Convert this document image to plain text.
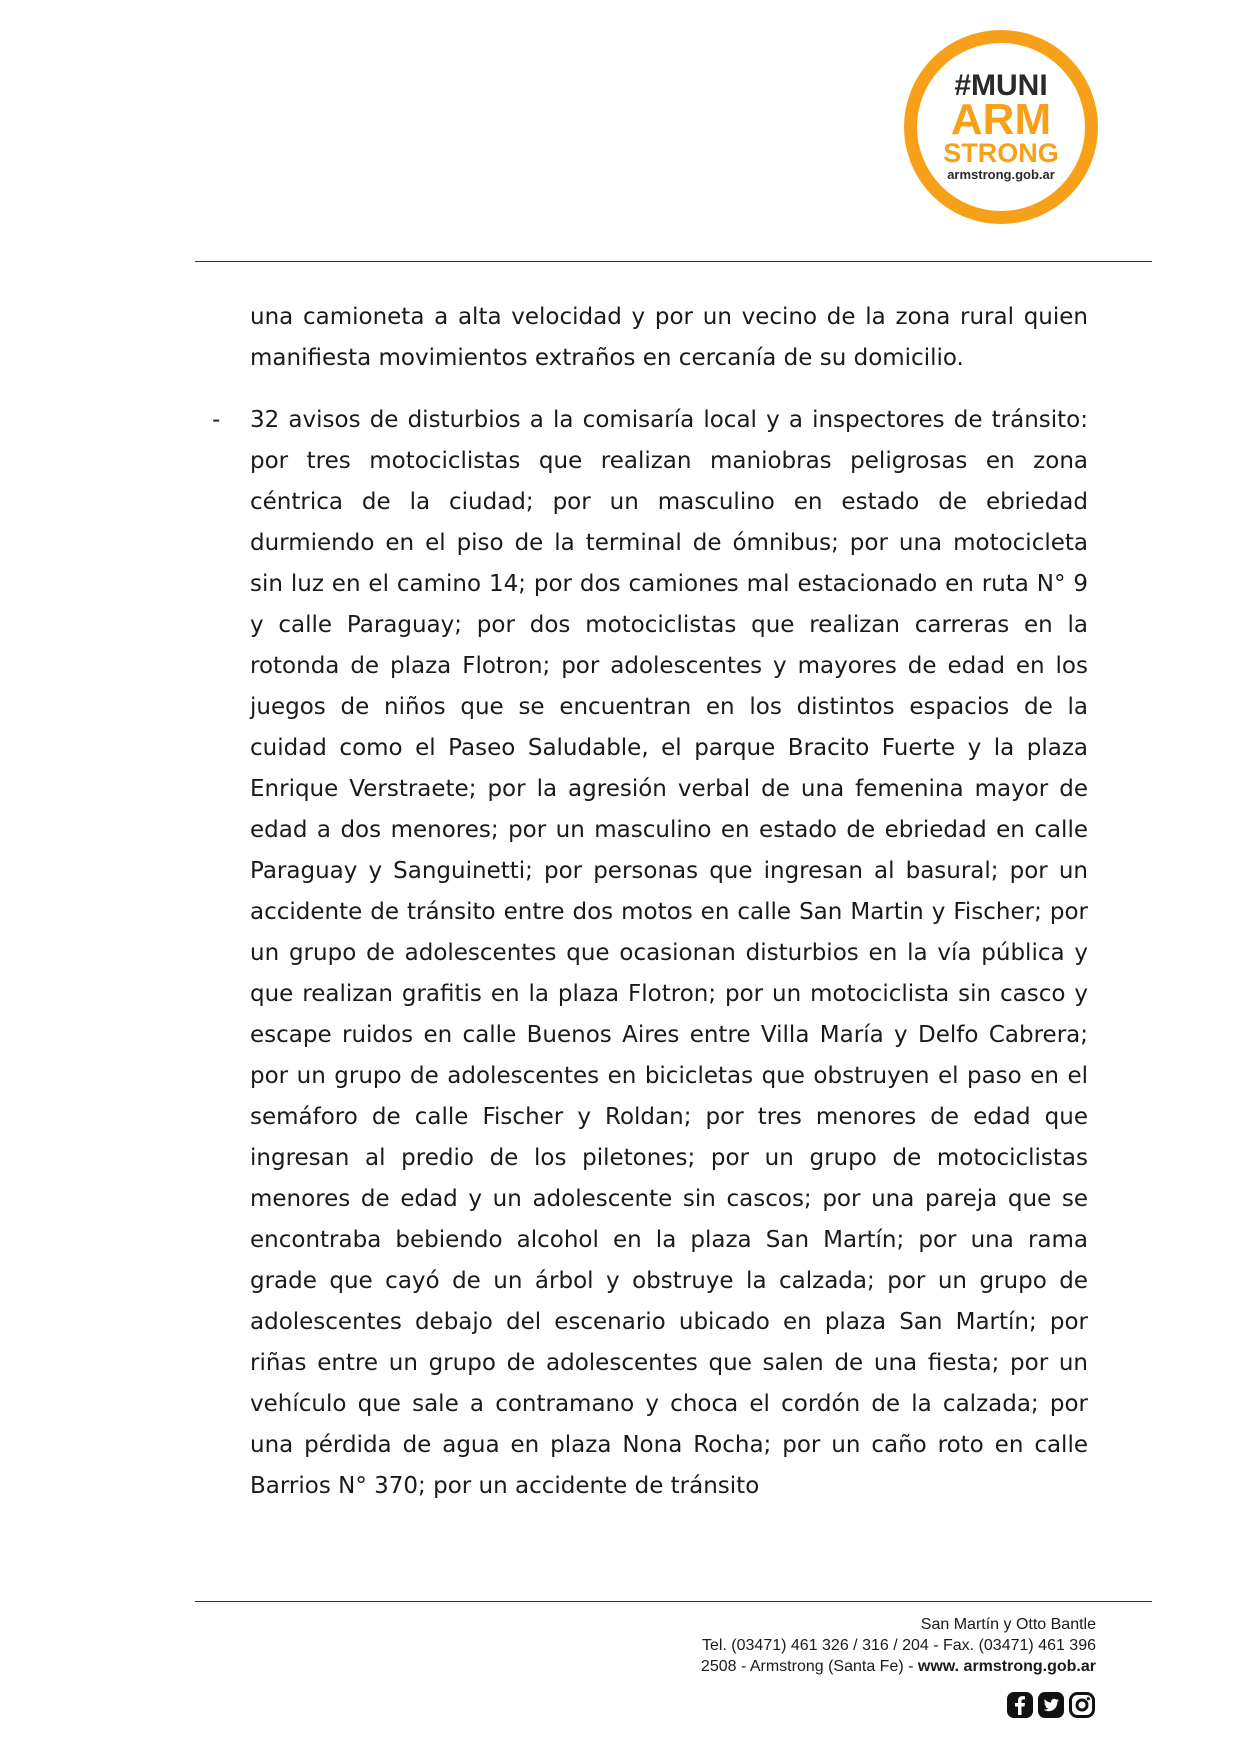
#MUNI
ARM
STRONG
armstrong.gob.ar
una camioneta a alta velocidad y por un vecino de la zona rural quien manifiesta movimientos extraños en cercanía de su domicilio.
- 32 avisos de disturbios a la comisaría local y a inspectores de tránsito: por tres motociclistas que realizan maniobras peligrosas en zona céntrica de la ciudad; por un masculino en estado de ebriedad durmiendo en el piso de la terminal de ómnibus; por una motocicleta sin luz en el camino 14; por dos camiones mal estacionado en ruta N° 9 y calle Paraguay; por dos motociclistas que realizan carreras en la rotonda de plaza Flotron; por adolescentes y mayores de edad en los juegos de niños que se encuentran en los distintos espacios de la cuidad como el Paseo Saludable, el parque Bracito Fuerte y la plaza Enrique Verstraete; por la agresión verbal de una femenina mayor de edad a dos menores; por un masculino en estado de ebriedad en calle Paraguay y Sanguinetti; por personas que ingresan al basural; por un accidente de tránsito entre dos motos en calle San Martin y Fischer; por un grupo de adolescentes que ocasionan disturbios en la vía pública y que realizan grafitis en la plaza Flotron; por un motociclista sin casco y escape ruidos en calle Buenos Aires entre Villa María y Delfo Cabrera; por un grupo de adolescentes en bicicletas que obstruyen el paso en el semáforo de calle Fischer y Roldan; por tres menores de edad que ingresan al predio de los piletones; por un grupo de motociclistas menores de edad y un adolescente sin cascos; por una pareja que se encontraba bebiendo alcohol en la plaza San Martín; por una rama grade que cayó de un árbol y obstruye la calzada; por un grupo de adolescentes debajo del escenario ubicado en plaza San Martín; por riñas entre un grupo de adolescentes que salen de una fiesta; por un vehículo que sale a contramano y choca el cordón de la calzada; por una pérdida de agua en plaza Nona Rocha; por un caño roto en calle Barrios N° 370; por un accidente de tránsito
San Martín y Otto Bantle
Tel. (03471) 461 326 / 316 / 204 - Fax. (03471) 461 396
2508 - Armstrong (Santa Fe) - www. armstrong.gob.ar
